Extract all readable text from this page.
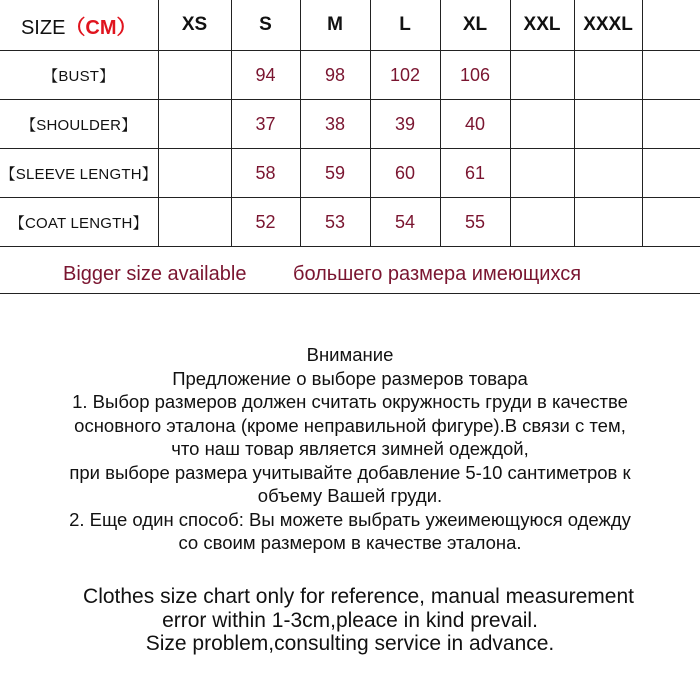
SIZE（CM）	XS	S	M	L	XL	XXL	XXXL	
【BUST】		94	98	102	106			
【SHOULDER】		37	38	39	40			
【SLEEVE LENGTH】		58	59	60	61			
【COAT LENGTH】		52	53	54	55			
Bigger size available большего размера имеющихся
Внимание
Предложение о выборе размеров товара
1. Выбор размеров должен считать окружность груди в качестве
основного эталона (кроме неправильной фигуре).В связи с тем,
что наш товар является зимней одеждой,
при выборе размера учитывайте добавление 5-10 сантиметров к
объему Вашей груди.
2. Еще один способ: Вы можете выбрать ужеимеющуюся одежду
со своим размером в качестве эталона.
Clothes size chart only for reference, manual measurement
error within 1-3cm,pleace in kind prevail.
Size problem,consulting service in advance.
